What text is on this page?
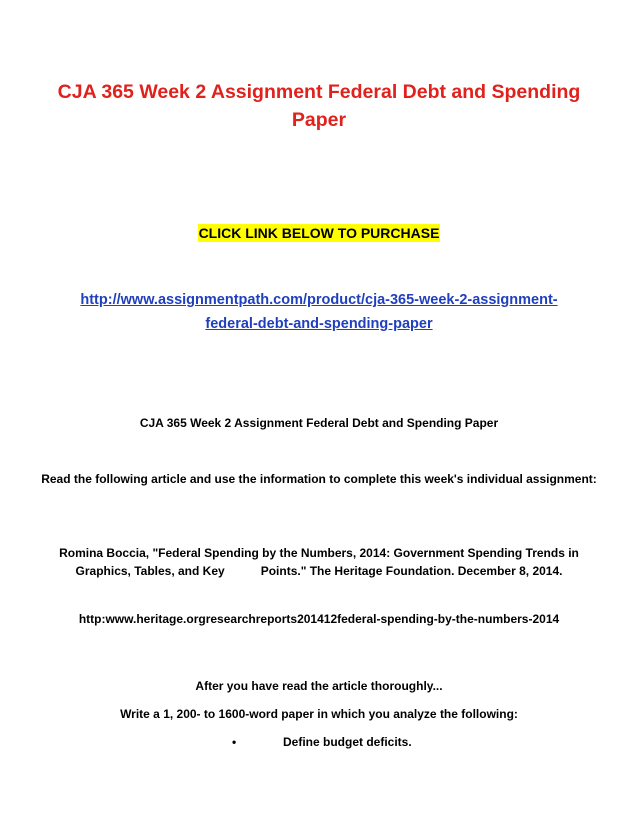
CJA 365 Week 2 Assignment Federal Debt and Spending Paper
CLICK LINK BELOW TO PURCHASE
http://www.assignmentpath.com/product/cja-365-week-2-assignment-federal-debt-and-spending-paper
CJA 365 Week 2 Assignment Federal Debt and Spending Paper
Read the following article and use the information to complete this week's individual assignment:
Romina Boccia, "Federal Spending by the Numbers, 2014: Government Spending Trends in Graphics, Tables, and Key	Points." The Heritage Foundation. December 8, 2014.
http:www.heritage.orgresearchreports201412federal-spending-by-the-numbers-2014
After you have read the article thoroughly...
Write a 1, 200- to 1600-word paper in which you analyze the following:
•	Define budget deficits.
